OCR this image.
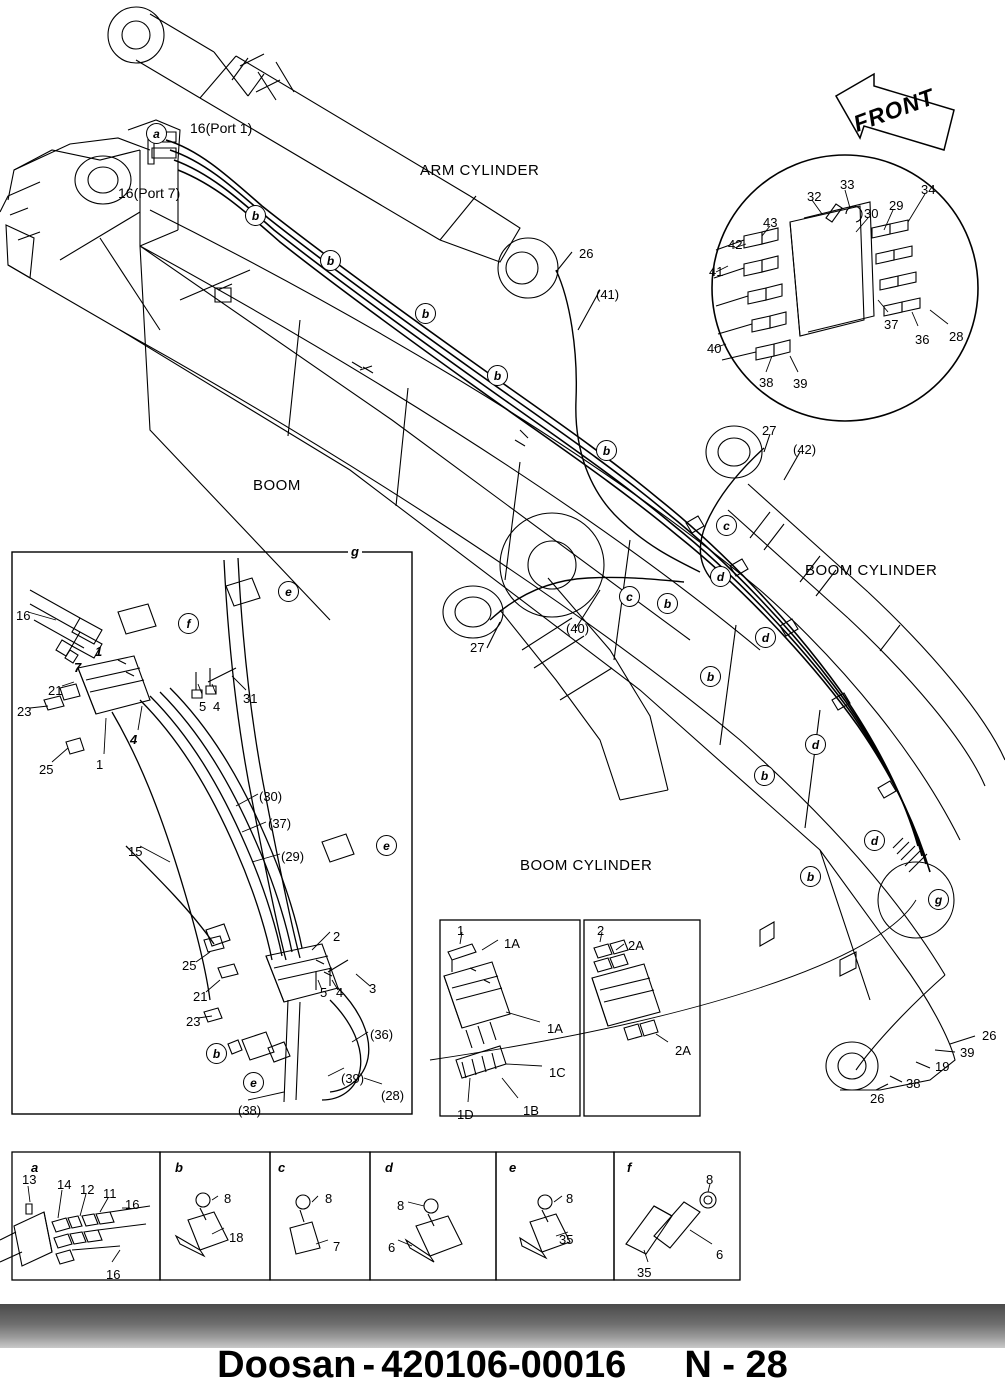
FRONT
ARM CYLINDER
BOOM
BOOM CYLINDER
BOOM CYLINDER
16(Port 1)
16(Port 7)
26
(41)
27
(42)
27
(40)
26
39
19
38
26
a
b
b
b
b
b
c
d
c	b
d
b
d
b
d
b
g
32
33	34
43
30
29
42
41
37
36 28
40
38 39
g
16
7
1
21
23
25	1
4
5 4
31
15
(30)
(37)
(29)
2
25
21
23
5 4 3
(36)
(39)
(28)
(38)
e
f
e
b
e
1
1A
1A
1C
1D	1B
2
2A
2A
a	b	c	d	e	f
13 14 12 11
16
16
8
18
8
7
8
6
8
35
8
6
35
Doosan - 420106-00016 N - 28
